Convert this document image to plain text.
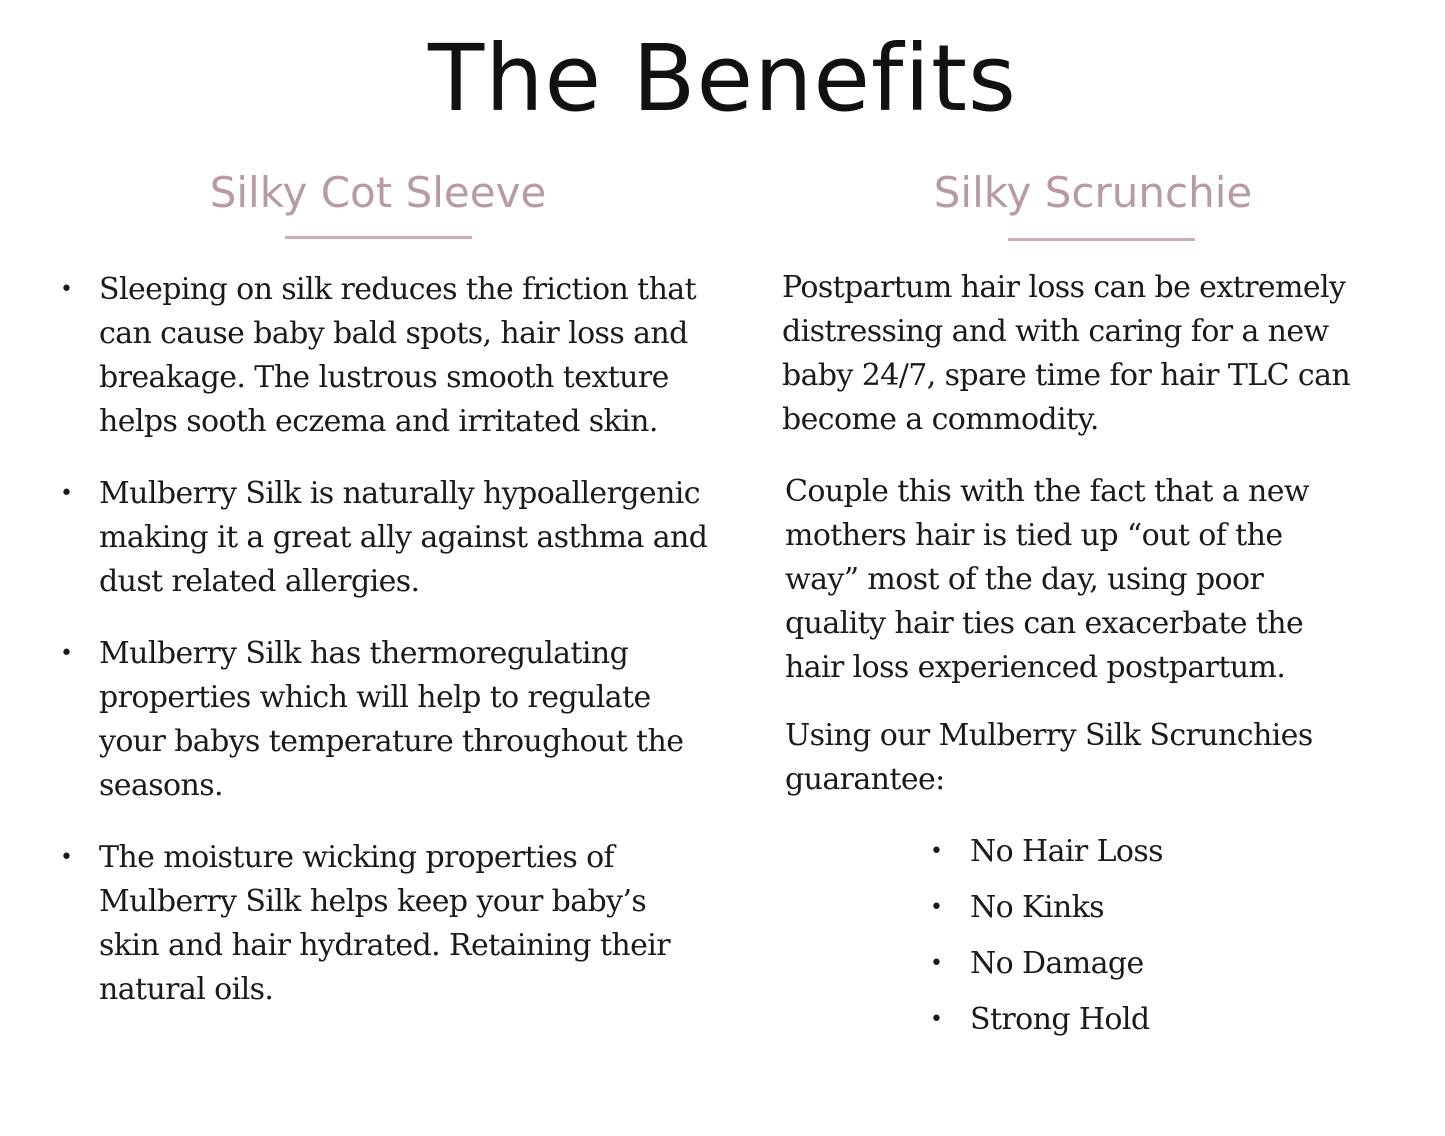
The Benefits
Silky Cot Sleeve
• Sleeping on silk reduces the friction that can cause baby bald spots, hair loss and breakage. The lustrous smooth texture helps sooth eczema and irritated skin.
• Mulberry Silk is naturally hypoallergenic making it a great ally against asthma and dust related allergies.
• Mulberry Silk has thermoregulating properties which will help to regulate your babys temperature throughout the seasons.
• The moisture wicking properties of Mulberry Silk helps keep your baby’s skin and hair hydrated. Retaining their natural oils.
Silky Scrunchie

Postpartum hair loss can be extremely distressing and with caring for a new baby 24/7, spare time for hair TLC can become a commodity.

Couple this with the fact that a new mothers hair is tied up “out of the way” most of the day, using poor quality hair ties can exacerbate the hair loss experienced postpartum.

Using our Mulberry Silk Scrunchies guarantee:

• No Hair Loss
• No Kinks
• No Damage
• Strong Hold
